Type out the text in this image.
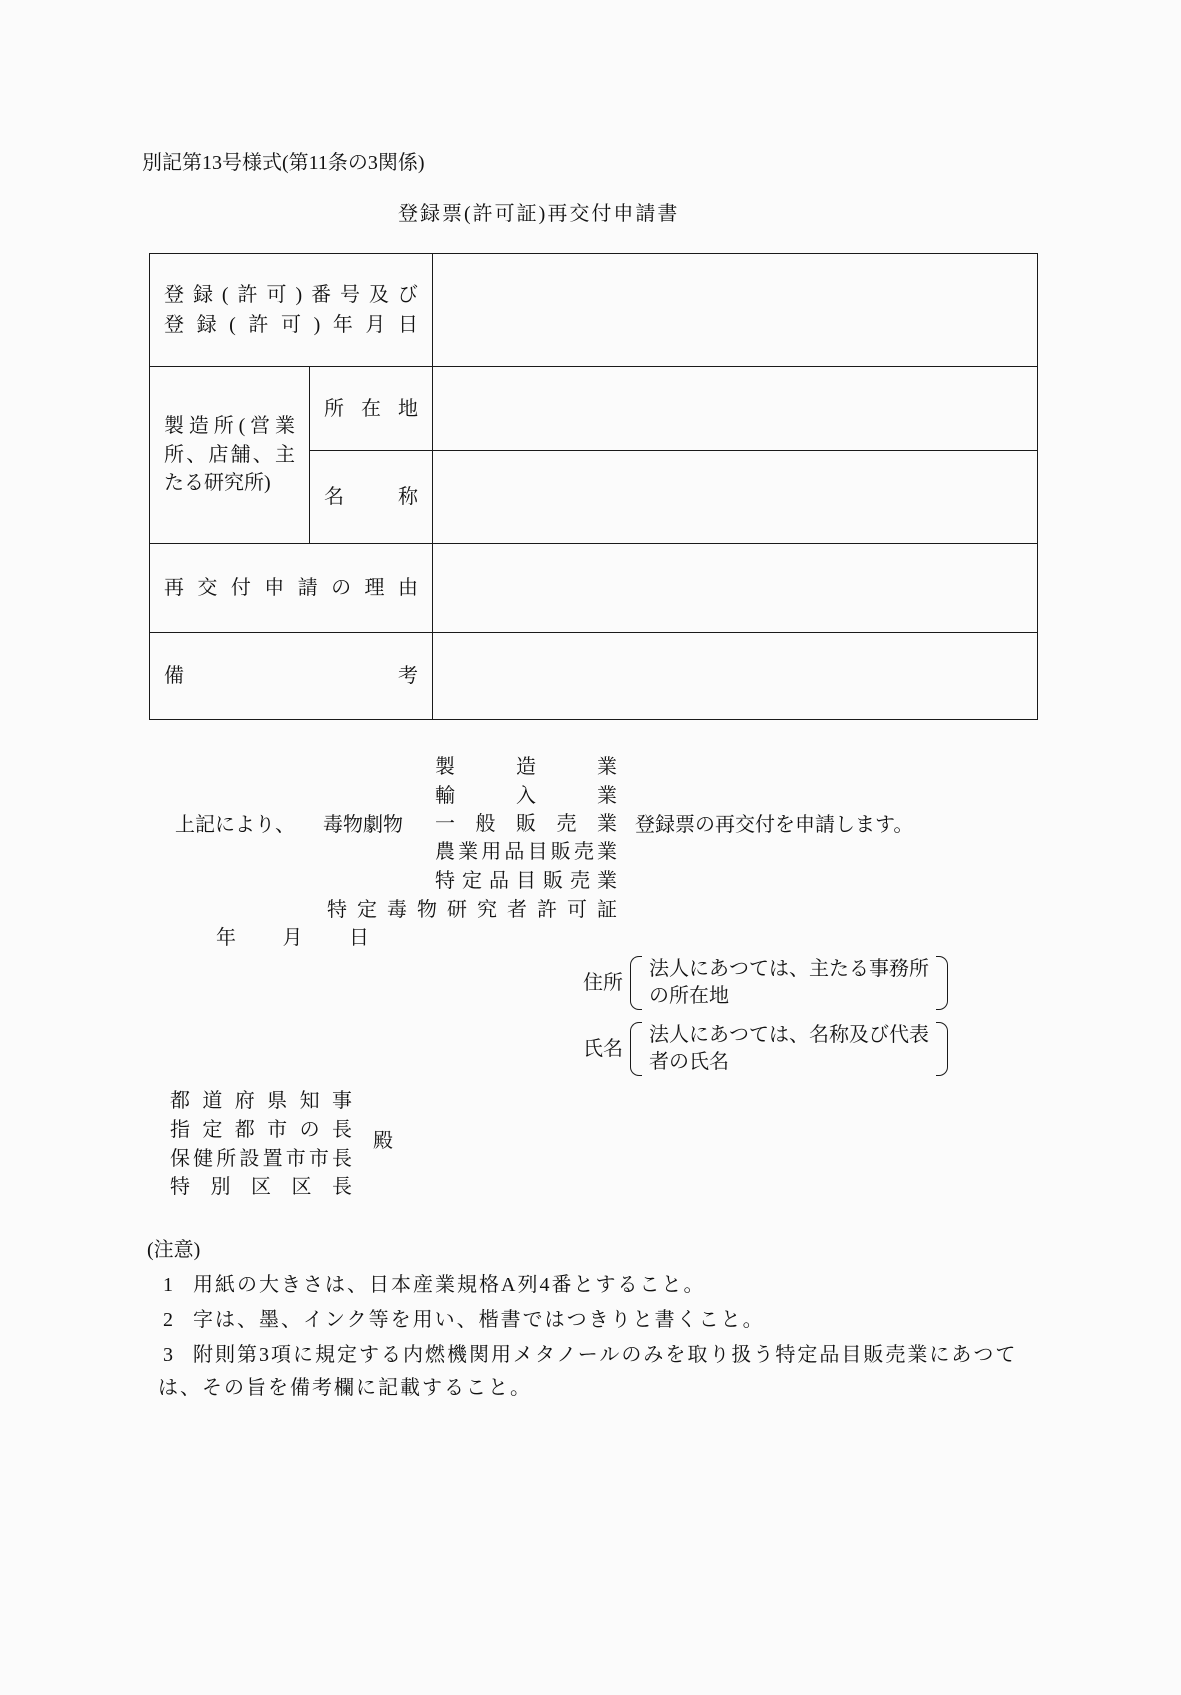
別記第13号様式(第11条の3関係)
登録票(許可証)再交付申請書
登 録 ( 許 可 ) 番 号 及 び
登 録 ( 許 可 ) 年 月 日

製 造 所 ( 営 業
所 、 店 舗 、 主
たる研究所)

所 在 地

	名 称	

再 交 付 申 請 の 理 由

備 考		

製	造	業
輸	入	業
一 般 販 売 業
農 業 用 品 目 販 売 業
特 定 品 目 販 売 業
上記により、 毒物劇物	登録票の再交付を申請します。
特 定 毒 物 研 究 者 許 可 証
年 月 日
住所
法人にあつては、主たる事務所
の所在地
氏名
法人にあつては、名称及び代表
者の氏名
都 道 府 県 知 事
指 定 都 市 の 長
保 健 所 設 置 市 市 長
特 別 区 区 長
殿
(注意)
1 用紙の大きさは、日本産業規格A列4番とすること。
2 字は、墨、インク等を用い、楷書ではつきりと書くこと。
3 附則第3項に規定する内燃機関用メタノールのみを取り扱う特定品目販売業にあつて
は、その旨を備考欄に記載すること。
